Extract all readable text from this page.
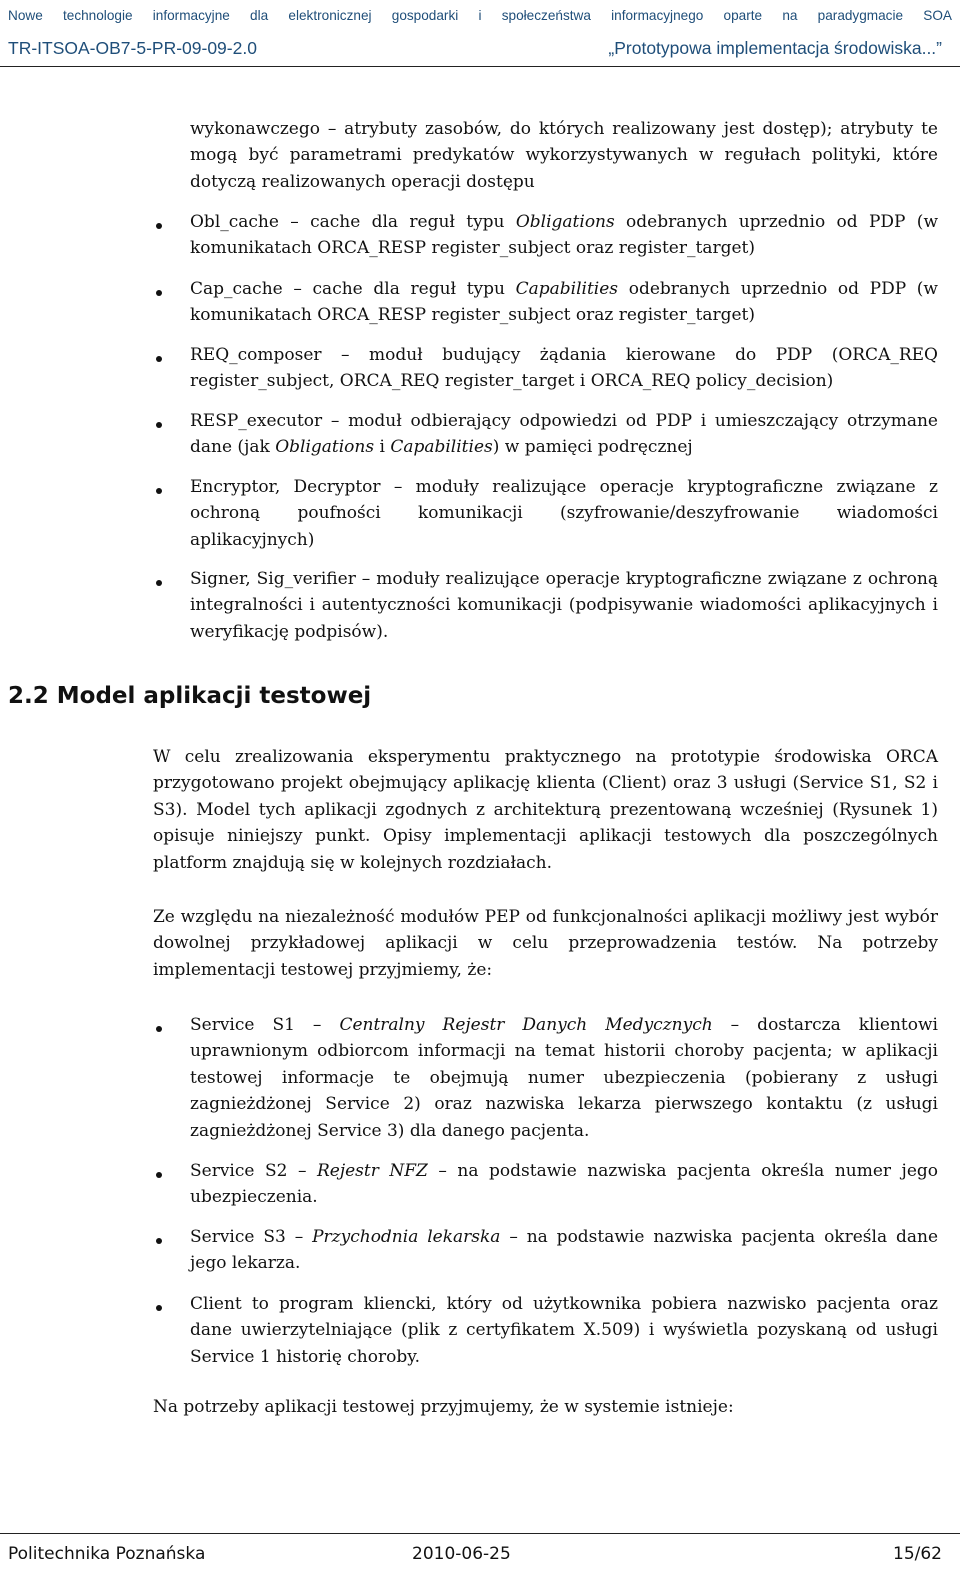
Nowe technologie informacyjne dla elektronicznej gospodarki i społeczeństwa informacyjnego oparte na paradygmacie SOA
TR-ITSOA-OB7-5-PR-09-09-2.0	„Prototypowa implementacja środowiska...”
wykonawczego – atrybuty zasobów, do których realizowany jest dostęp); atrybuty te mogą być parametrami predykatów wykorzystywanych w regułach polityki, które dotyczą realizowanych operacji dostępu
Obl_cache – cache dla reguł typu Obligations odebranych uprzednio od PDP (w komunikatach ORCA_RESP register_subject oraz register_target)
Cap_cache – cache dla reguł typu Capabilities odebranych uprzednio od PDP (w komunikatach ORCA_RESP register_subject oraz register_target)
REQ_composer – moduł budujący żądania kierowane do PDP (ORCA_REQ register_subject, ORCA_REQ register_target i ORCA_REQ policy_decision)
RESP_executor – moduł odbierający odpowiedzi od PDP i umieszczający otrzymane dane (jak Obligations i Capabilities) w pamięci podręcznej
Encryptor, Decryptor – moduły realizujące operacje kryptograficzne związane z ochroną poufności komunikacji (szyfrowanie/deszyfrowanie wiadomości aplikacyjnych)
Signer, Sig_verifier – moduły realizujące operacje kryptograficzne związane z ochroną integralności i autentyczności komunikacji (podpisywanie wiadomości aplikacyjnych i weryfikację podpisów).
2.2 Model aplikacji testowej
W celu zrealizowania eksperymentu praktycznego na prototypie środowiska ORCA przygotowano projekt obejmujący aplikację klienta (Client) oraz 3 usługi (Service S1, S2 i S3). Model tych aplikacji zgodnych z architekturą prezentowaną wcześniej (Rysunek 1) opisuje niniejszy punkt. Opisy implementacji aplikacji testowych dla poszczególnych platform znajdują się w kolejnych rozdziałach.
Ze względu na niezależność modułów PEP od funkcjonalności aplikacji możliwy jest wybór dowolnej przykładowej aplikacji w celu przeprowadzenia testów. Na potrzeby implementacji testowej przyjmiemy, że:
Service S1 – Centralny Rejestr Danych Medycznych – dostarcza klientowi uprawnionym odbiorcom informacji na temat historii choroby pacjenta; w aplikacji testowej informacje te obejmują numer ubezpieczenia (pobierany z usługi zagnieżdżonej Service 2) oraz nazwiska lekarza pierwszego kontaktu (z usługi zagnieżdżonej Service 3) dla danego pacjenta.
Service S2 – Rejestr NFZ – na podstawie nazwiska pacjenta określa numer jego ubezpieczenia.
Service S3 – Przychodnia lekarska – na podstawie nazwiska pacjenta określa dane jego lekarza.
Client to program kliencki, który od użytkownika pobiera nazwisko pacjenta oraz dane uwierzytelniające (plik z certyfikatem X.509) i wyświetla pozyskaną od usługi Service 1 historię choroby.
Na potrzeby aplikacji testowej przyjmujemy, że w systemie istnieje:
Politechnika Poznańska	2010-06-25	15/62
